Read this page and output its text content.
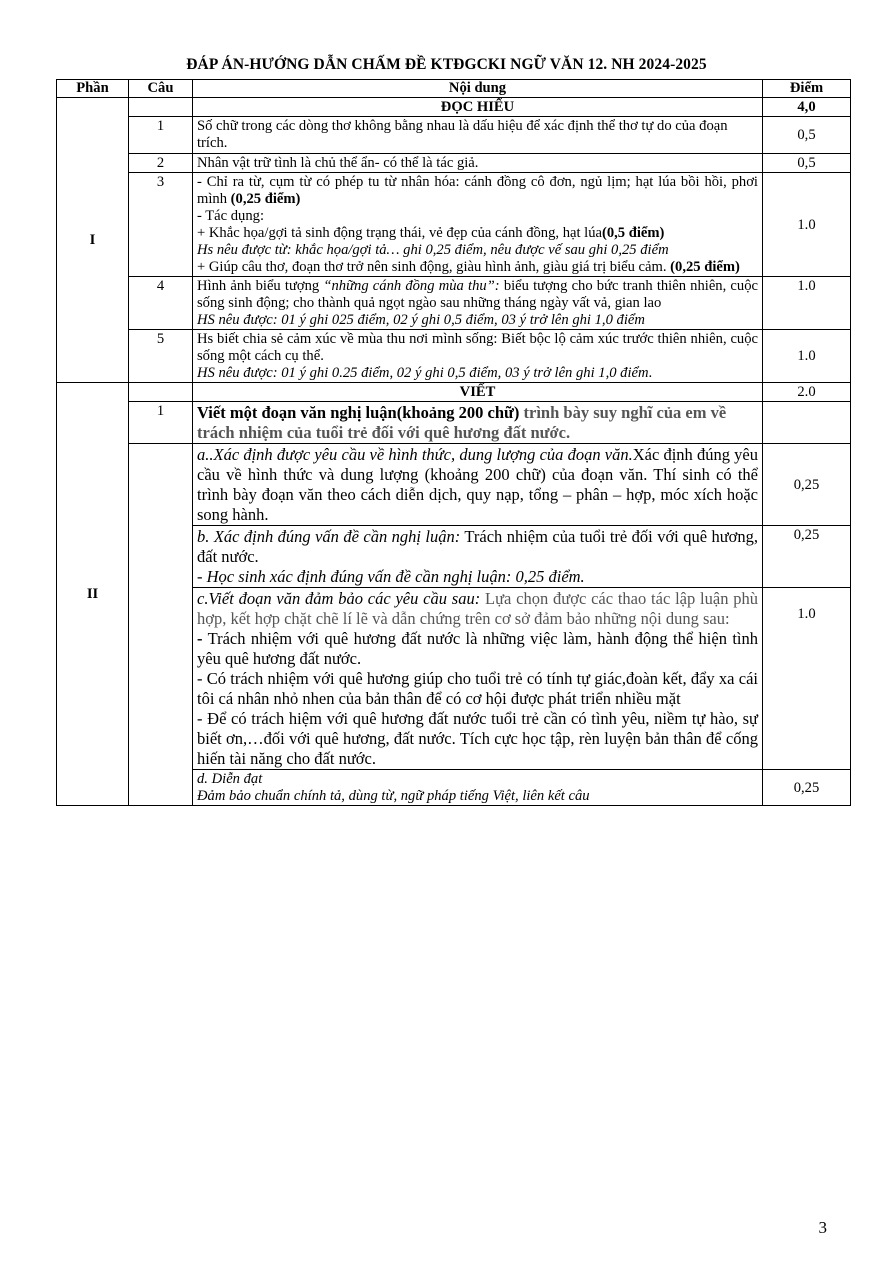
ĐÁP ÁN-HƯỚNG DẪN CHẤM ĐỀ KTĐGCKI NGỮ VĂN 12. NH 2024-2025
Phần	Câu	Nội dung	Điểm
I		ĐỌC HIỂU	4,0
	1	Số chữ trong các dòng thơ không bằng nhau là dấu hiệu để xác định thể thơ tự do của đoạn trích.	0,5
	2	Nhân vật trữ tình là chủ thể ẩn- có thể là tác giả.	0,5
	3	- Chỉ ra từ, cụm từ có phép tu từ nhân hóa: cánh đồng cô đơn, ngủ lịm; hạt lúa bồi hồi, phơi mình (0,25 điểm)
- Tác dụng:
+ Khắc họa/gợi tả sinh động trạng thái, vẻ đẹp của cánh đồng, hạt lúa(0,5 điểm)
Hs nêu được từ: khắc họa/gợi tả… ghi 0,25 điểm, nêu được vế sau ghi 0,25 điểm
+ Giúp câu thơ, đoạn thơ trở nên sinh động, giàu hình ảnh, giàu giá trị biểu cảm. (0,25 điểm)	1.0
	4	Hình ảnh biểu tượng “những cánh đồng mùa thu”: biểu tượng cho bức tranh thiên nhiên, cuộc sống sinh động; cho thành quả ngọt ngào sau những tháng ngày vất vả, gian lao
HS nêu được: 01 ý ghi 025 điểm, 02 ý ghi 0,5 điểm, 03 ý trở lên ghi 1,0 điểm	1.0
	5	Hs biết chia sẻ cảm xúc về mùa thu nơi mình sống: Biết bộc lộ cảm xúc trước thiên nhiên, cuộc sống một cách cụ thể.
HS nêu được: 01 ý ghi 0.25 điểm, 02 ý ghi 0,5 điểm, 03 ý trở lên ghi 1,0 điểm.	1.0
II		VIẾT	2.0
	1	Viết một đoạn văn nghị luận(khoảng 200 chữ) trình bày suy nghĩ của em về trách nhiệm của tuổi trẻ đối với quê hương đất nước.	
		a..Xác định được yêu cầu về hình thức, dung lượng của đoạn văn.Xác định đúng yêu cầu về hình thức và dung lượng (khoảng 200 chữ) của đoạn văn. Thí sinh có thể trình bày đoạn văn theo cách diễn dịch, quy nạp, tổng – phân – hợp, móc xích hoặc song hành.	0,25

		b. Xác định đúng vấn đề cần nghị luận: Trách nhiệm của tuổi trẻ đối với quê hương, đất nước.
- Học sinh xác định đúng vấn đề cần nghị luận: 0,25 điểm.	0,25

		c.Viết đoạn văn đảm bảo các yêu cầu sau: Lựa chọn được các thao tác lập luận phù hợp, kết hợp chặt chẽ lí lẽ và dẫn chứng trên cơ sở đảm bảo những nội dung sau:
- Trách nhiệm với quê hương đất nước là những việc làm, hành động thể hiện tình yêu quê hương đất nước.
- Có trách nhiệm với quê hương giúp cho tuổi trẻ có tính tự giác,đoàn kết, đẩy xa cái tôi cá nhân nhỏ nhen của bản thân để có cơ hội được phát triển nhiều mặt
- Để có trách hiệm với quê hương đất nước tuổi trẻ cần có tình yêu, niềm tự hào, sự biết ơn,…đối với quê hương, đất nước. Tích cực học tập, rèn luyện bản thân để cống hiến tài năng cho đất nước.	1.0

		d. Diễn đạt
Đảm bảo chuẩn chính tả, dùng từ, ngữ pháp tiếng Việt, liên kết câu	0,25
3
